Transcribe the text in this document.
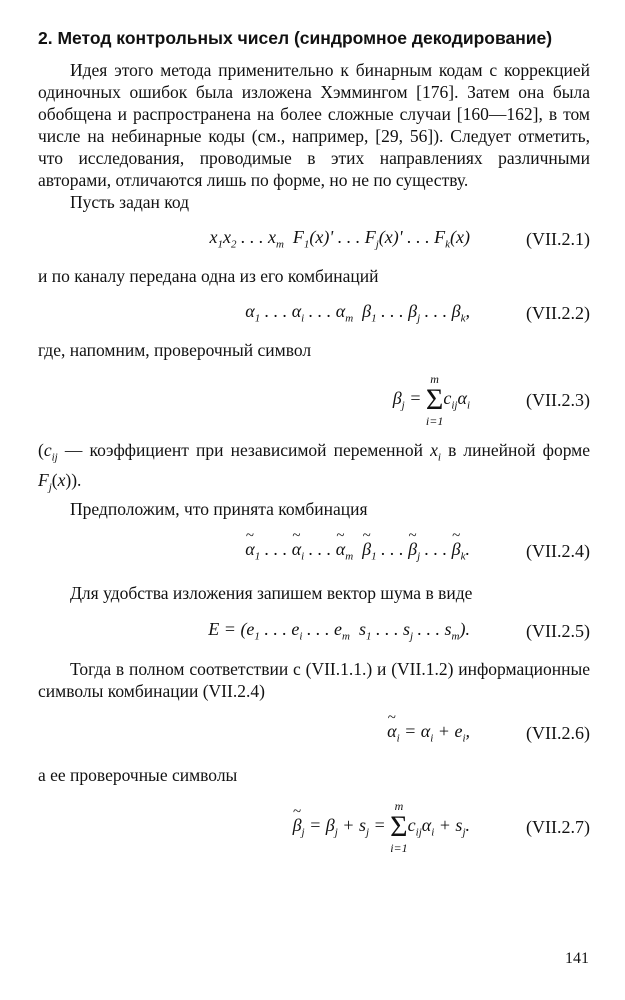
2. Метод контрольных чисел (синдромное декодирование)

Идея этого метода применительно к бинарным кодам с коррекцией одиночных ошибок была изложена Хэммингом [176]. Затем она была обобщена и распространена на более сложные случаи [160—162], в том числе на небинарные коды (см., например, [29, 56]). Следует отметить, что исследования, проводимые в этих направлениях различными авторами, отличаются лишь по форме, но не по существу.

Пусть задан код

$x_1x_2$ . . . $x_m$  $F_1(x)'$ . . . $F_j(x)'$ . . . $F_k(x)$	(VII.2.1)

и по каналу передана одна из его комбинаций

$\alpha_1$ . . . $\alpha_i$ . . . $\alpha_m$  $\beta_1$ . . . $\beta_j$ . . . $\beta_k$,	(VII.2.2)

где, напомним, проверочный символ

$\beta_j$ =
m
Σ
i=1
$c_{ij}\alpha_i$	(VII.2.3)

($c_{ij}$ — коэффициент при независимой переменной $x_i$ в линейной форме $F_j(x)$).

Предположим, что принята комбинация

~ $\alpha_1$ . . . ~ $\alpha_i$ . . . ~ $\alpha_m$  ~ $\beta_1$ . . . ~ $\beta_j$ . . . ~ $\beta_k$.	(VII.2.4)

Для удобства изложения запишем вектор шума в виде

$E = (e_1$ . . . $e_i$ . . . $e_m$  $s_1$ . . . $s_j$ . . . $s_m$).	(VII.2.5)

Тогда в полном соответствии с (VII.1.1.) и (VII.1.2) информационные символы комбинации (VII.2.4)

~ $\alpha_i = \alpha_i + e_i$,	(VII.2.6)

а ее проверочные символы

~ $\beta_j = \beta_j + s_j$ =
m
Σ
i=1
$c_{ij}\alpha_i + s_j$.	(VII.2.7)
141
